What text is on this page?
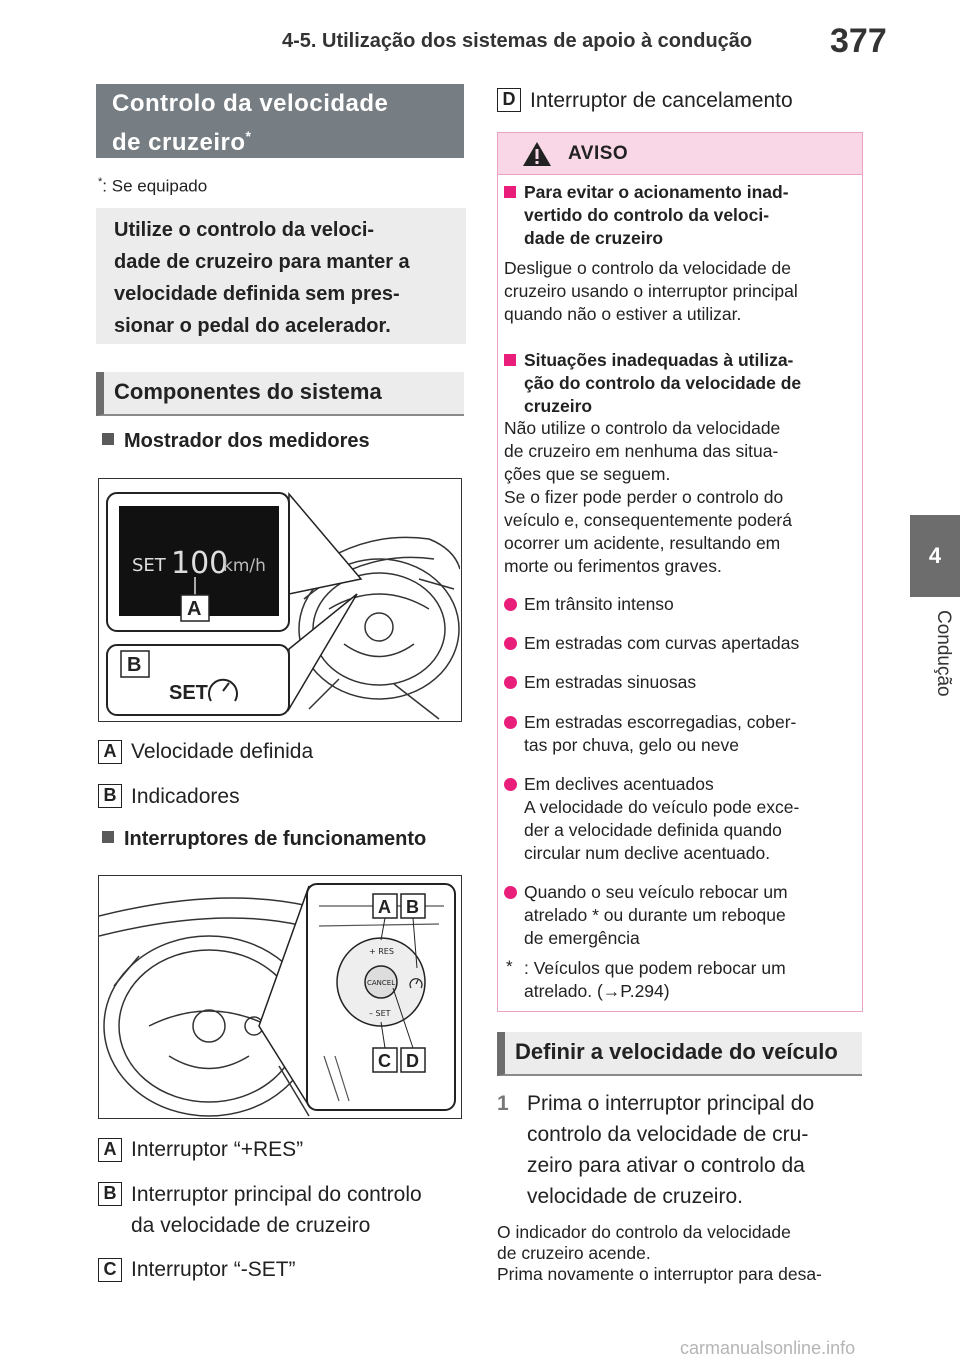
4-5. Utilização dos sistemas de apoio à condução 377
4
Condução
Controlo da velocidade
de cruzeiro*
*: Se equipado
Utilize o controlo da veloci-
dade de cruzeiro para manter a
velocidade definida sem pres-
sionar o pedal do acelerador.
Componentes do sistema
Mostrador dos medidores
SET 100
km/h
A
B
SET
A Velocidade definida
B Indicadores
Interruptores de funcionamento
CANCEL
+ RES
– SET
A B
C D
A Interruptor “+RES”
B Interruptor principal do controlo
da velocidade de cruzeiro
C Interruptor “-SET”
D Interruptor de cancelamento
AVISO
Para evitar o acionamento inad-
vertido do controlo da veloci-
dade de cruzeiro
Desligue o controlo da velocidade de
cruzeiro usando o interruptor principal
quando não o estiver a utilizar.
Situações inadequadas à utiliza-
ção do controlo da velocidade de
cruzeiro
Não utilize o controlo da velocidade
de cruzeiro em nenhuma das situa-
ções que se seguem.
Se o fizer pode perder o controlo do
veículo e, consequentemente poderá
ocorrer um acidente, resultando em
morte ou ferimentos graves.
Em trânsito intenso
Em estradas com curvas apertadas
Em estradas sinuosas
Em estradas escorregadias, cober-
tas por chuva, gelo ou neve
Em declives acentuados
A velocidade do veículo pode exce-
der a velocidade definida quando
circular num declive acentuado.
Quando o seu veículo rebocar um
atrelado * ou durante um reboque
de emergência
* : Veículos que podem rebocar um
atrelado. (→P.294)
Definir a velocidade do veículo
1 Prima o interruptor principal do
controlo da velocidade de cru-
zeiro para ativar o controlo da
velocidade de cruzeiro.
O indicador do controlo da velocidade
de cruzeiro acende.
Prima novamente o interruptor para desa-
carmanualsonline.info
